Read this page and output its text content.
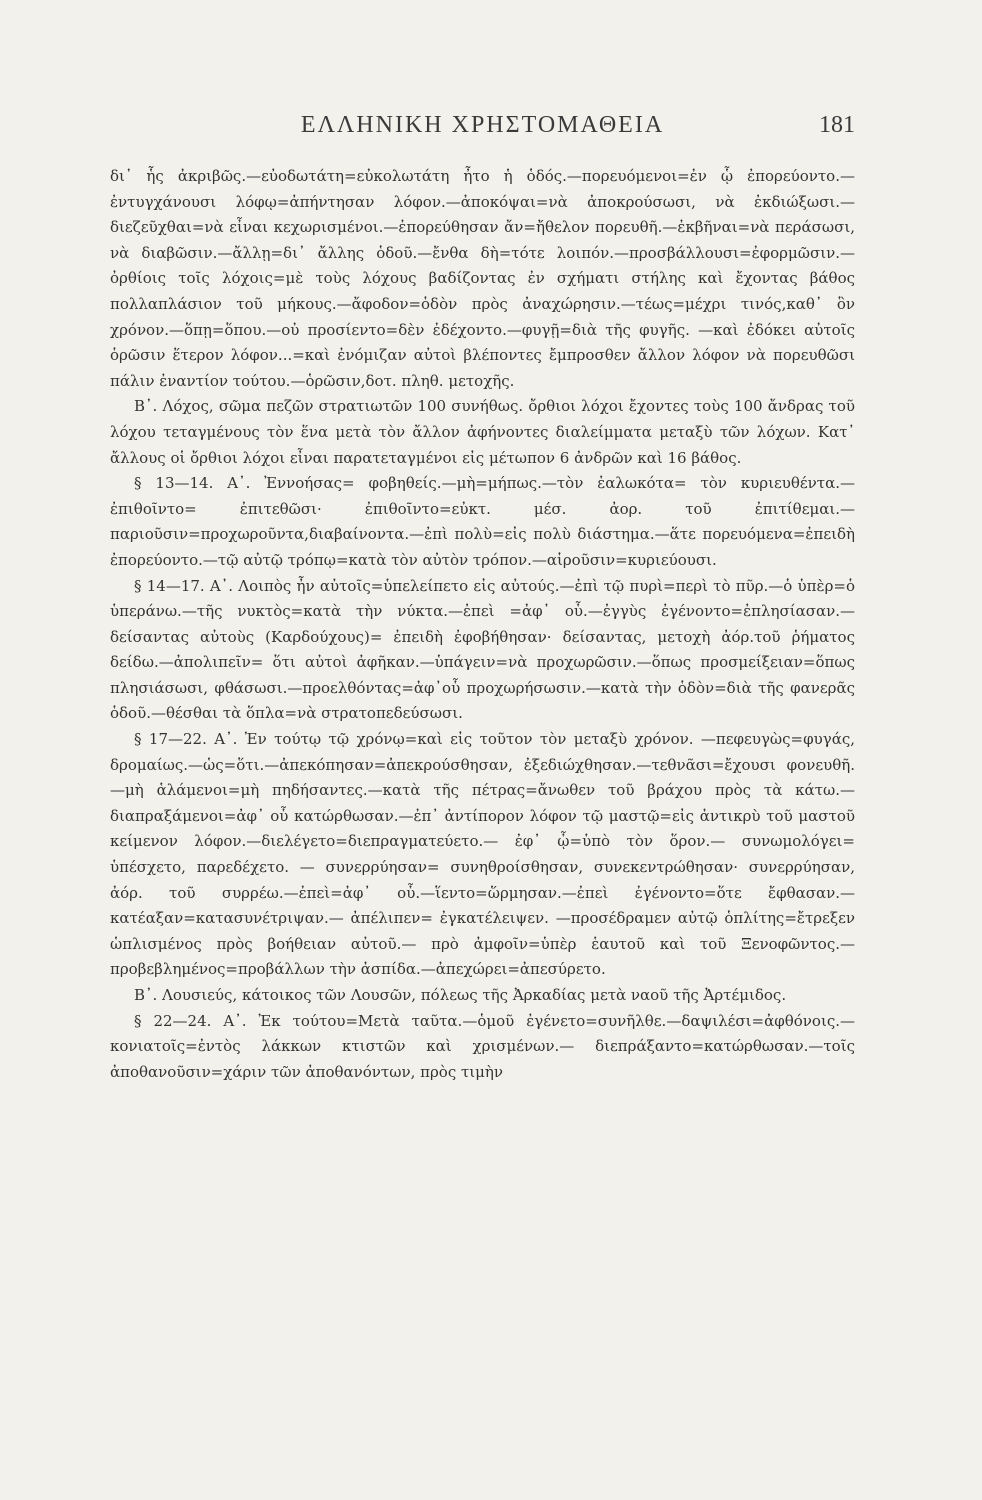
ΕΛΛΗΝΙΚΗ ΧΡΗΣΤΟΜΑΘΕΙΑ	181

δι᾽ ἧς ἀκριβῶς.—εὐοδωτάτη=εὐκολωτάτη ἦτο ἡ ὁδός.—πορευόμενοι=ἐν ᾧ ἐπορεύοντο.—ἐντυγχάνουσι λόφῳ=ἀπήντησαν λόφον.—ἀποκόψαι=νὰ ἀποκρούσωσι, νὰ ἐκδιώξωσι.—διεζεῦχθαι=νὰ εἶναι κεχωρισμένοι.—ἐπορεύθησαν ἄν=ἤθελον πορευθῆ.—ἐκβῆναι=νὰ περάσωσι, νὰ διαβῶσιν.—ἄλλῃ=δι᾽ ἄλλης ὁδοῦ.—ἔνθα δὴ=τότε λοιπόν.—προσβάλλουσι=ἐφορμῶσιν.—ὀρθίοις τοῖς λόχοις=μὲ τοὺς λόχους βαδίζοντας ἐν σχήματι στήλης καὶ ἔχοντας βάθος πολλαπλάσιον τοῦ μήκους.—ἄφοδον=ὁδὸν πρὸς ἀναχώρησιν.—τέως=μέχρι τινός,καθ᾽ ὃν χρόνον.—ὅπῃ=ὅπου.—οὐ προσίεντο=δὲν ἐδέχοντο.—φυγῇ=διὰ τῆς φυγῆς. —καὶ ἐδόκει αὐτοῖς ὁρῶσιν ἕτερον λόφον...=καὶ ἐνόμιζαν αὐτοὶ βλέποντες ἔμπροσθεν ἄλλον λόφον νὰ πορευθῶσι πάλιν ἐναντίον τούτου.—ὁρῶσιν,δοτ. πληθ. μετοχῆς.

Β᾽. Λόχος, σῶμα πεζῶν στρατιωτῶν 100 συνήθως. ὄρθιοι λόχοι ἔχοντες τοὺς 100 ἄνδρας τοῦ λόχου τεταγμένους τὸν ἕνα μετὰ τὸν ἄλλον ἀφήνοντες διαλείμματα μεταξὺ τῶν λόχων. Κατ᾽ ἄλλους οἱ ὄρθιοι λόχοι εἶναι παρατεταγμένοι εἰς μέτωπον 6 ἀνδρῶν καὶ 16 βάθος.

§ 13—14. Α᾽. Ἐννοήσας= φοβηθείς.—μὴ=μήπως.—τὸν ἑαλωκότα= τὸν κυριευθέντα.—ἐπιθοῖντο= ἐπιτεθῶσι· ἐπιθοῖντο=εὐκτ. μέσ. ἀορ. τοῦ ἐπιτίθεμαι.—παριοῦσιν=προχωροῦντα,διαβαίνοντα.—ἐπὶ πολὺ=εἰς πολὺ διάστημα.—ἅτε πορευόμενα=ἐπειδὴ ἐπορεύοντο.—τῷ αὐτῷ τρόπῳ=κατὰ τὸν αὐτὸν τρόπον.—αἱροῦσιν=κυριεύουσι.

§ 14—17. Α᾽. Λοιπὸς ἦν αὐτοῖς=ὑπελείπετο εἰς αὐτούς.—ἐπὶ τῷ πυρὶ=περὶ τὸ πῦρ.—ὁ ὑπὲρ=ὁ ὑπεράνω.—τῆς νυκτὸς=κατὰ τὴν νύκτα.—ἐπεὶ =ἀφ᾽ οὗ.—ἐγγὺς ἐγένοντο=ἐπλησίασαν.—δείσαντας αὐτοὺς (Καρδούχους)= ἐπειδὴ ἐφοβήθησαν· δείσαντας, μετοχὴ ἀόρ.τοῦ ῥήματος δείδω.—ἀπολιπεῖν= ὅτι αὐτοὶ ἀφῆκαν.—ὑπάγειν=νὰ προχωρῶσιν.—ὅπως προσμείξειαν=ὅπως πλησιάσωσι, φθάσωσι.—προελθόντας=ἀφ᾽οὗ προχωρήσωσιν.—κατὰ τὴν ὁδὸν=διὰ τῆς φανερᾶς ὁδοῦ.—θέσθαι τὰ ὅπλα=νὰ στρατοπεδεύσωσι.

§ 17—22. Α᾽. Ἐν τούτῳ τῷ χρόνῳ=καὶ εἰς τοῦτον τὸν μεταξὺ χρόνον. —πεφευγὼς=φυγάς, δρομαίως.—ὡς=ὅτι.—ἀπεκόπησαν=ἀπεκρούσθησαν, ἐξεδιώχθησαν.—τεθνᾶσι=ἔχουσι φονευθῆ.—μὴ ἁλάμενοι=μὴ πηδήσαντες.—κατὰ τῆς πέτρας=ἄνωθεν τοῦ βράχου πρὸς τὰ κάτω.—διαπραξάμενοι=ἀφ᾽ οὗ κατώρθωσαν.—ἐπ᾽ ἀντίπορον λόφον τῷ μαστῷ=εἰς ἀντικρὺ τοῦ μαστοῦ κείμενον λόφον.—διελέγετο=διεπραγματεύετο.— ἐφ᾽ ᾧ=ὑπὸ τὸν ὅρον.— συνωμολόγει= ὑπέσχετο, παρεδέχετο. — συνερρύησαν= συνηθροίσθησαν, συνεκεντρώθησαν· συνερρύησαν, ἀόρ. τοῦ συρρέω.—ἐπεὶ=ἀφ᾽ οὗ.—ἵεντο=ὥρμησαν.—ἐπεὶ ἐγένοντο=ὅτε ἔφθασαν.—κατέαξαν=κατασυνέτριψαν.— ἀπέλιπεν= ἐγκατέλειψεν. —προσέδραμεν αὐτῷ ὁπλίτης=ἔτρεξεν ὡπλισμένος πρὸς βοήθειαν αὐτοῦ.— πρὸ ἀμφοῖν=ὑπὲρ ἑαυτοῦ καὶ τοῦ Ξενοφῶντος.—προβεβλημένος=προβάλλων τὴν ἀσπίδα.—ἀπεχώρει=ἀπεσύρετο.

Β᾽. Λουσιεύς, κάτοικος τῶν Λουσῶν, πόλεως τῆς Ἀρκαδίας μετὰ ναοῦ τῆς Ἀρτέμιδος.

§ 22—24. Α᾽. Ἐκ τούτου=Μετὰ ταῦτα.—ὁμοῦ ἐγένετο=συνῆλθε.—δαψιλέσι=ἀφθόνοις.—κονιατοῖς=ἐντὸς λάκκων κτιστῶν καὶ χρισμένων.— διεπράξαντο=κατώρθωσαν.—τοῖς ἀποθανοῦσιν=χάριν τῶν ἀποθανόντων, πρὸς τιμὴν
